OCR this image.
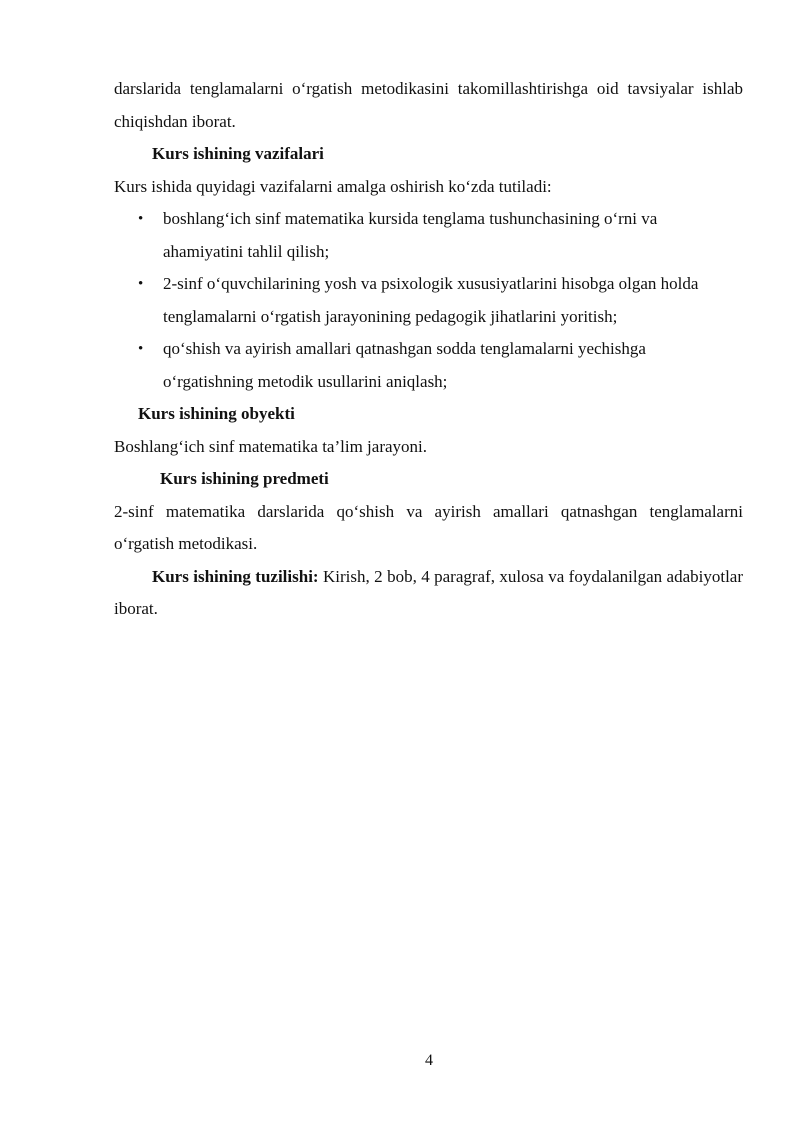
darslarida tenglamalarni o‘rgatish metodikasini takomillashtirishga oid tavsiyalar ishlab chiqishdan iborat.

Kurs ishining vazifalari

Kurs ishida quyidagi vazifalarni amalga oshirish ko‘zda tutiladi:

• boshlang‘ich sinf matematika kursida tenglama tushunchasining o‘rni va ahamiyatini tahlil qilish;
• 2-sinf o‘quvchilarining yosh va psixologik xususiyatlarini hisobga olgan holda tenglamalarni o‘rgatish jarayonining pedagogik jihatlarini yoritish;
• qo‘shish va ayirish amallari qatnashgan sodda tenglamalarni yechishga o‘rgatishning metodik usullarini aniqlash;

Kurs ishining obyekti

Boshlang‘ich sinf matematika ta’lim jarayoni.

Kurs ishining predmeti

2-sinf matematika darslarida qo‘shish va ayirish amallari qatnashgan tenglamalarni o‘rgatish metodikasi.

Kurs ishining tuzilishi: Kirish, 2 bob, 4 paragraf, xulosa va foydalanilgan adabiyotlar iborat.

4
